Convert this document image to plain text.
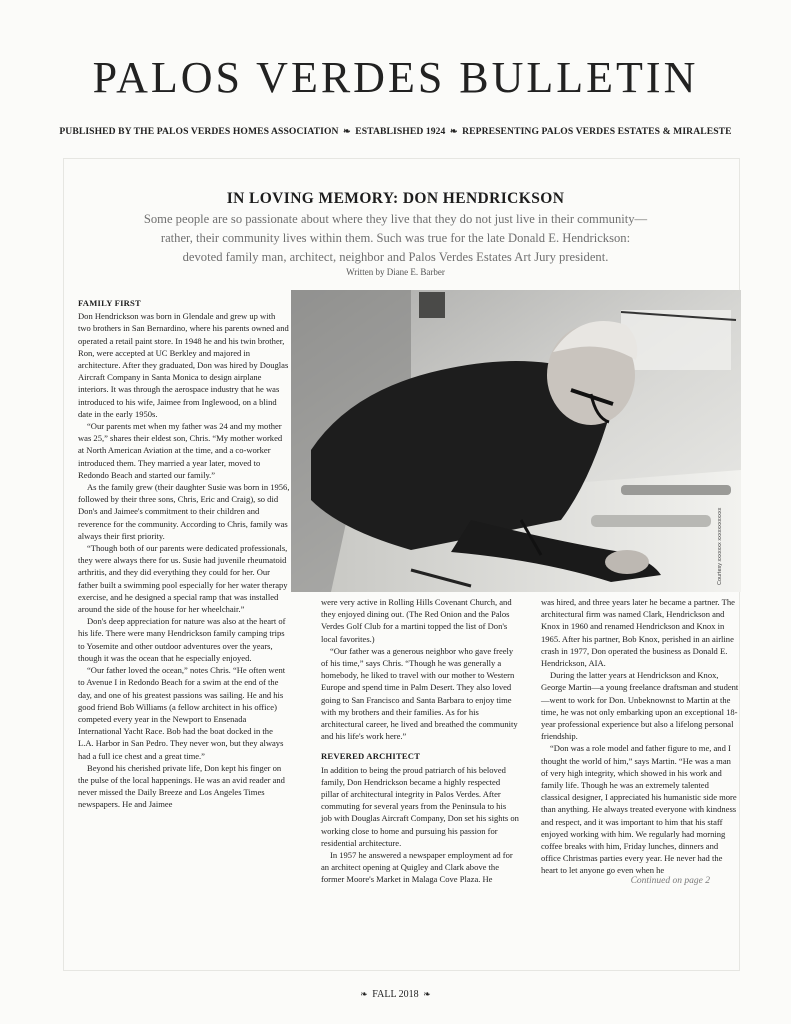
PALOS VERDES BULLETIN
PUBLISHED BY THE PALOS VERDES HOMES ASSOCIATION ❧ ESTABLISHED 1924 ❧ REPRESENTING PALOS VERDES ESTATES & MIRALESTE
IN LOVING MEMORY: DON HENDRICKSON
Some people are so passionate about where they live that they do not just live in their community—rather, their community lives within them. Such was true for the late Donald E. Hendrickson: devoted family man, architect, neighbor and Palos Verdes Estates Art Jury president.
Written by Diane E. Barber

FAMILY FIRST

Don Hendrickson was born in Glendale and grew up with two brothers in San Bernardino, where his parents owned and operated a retail paint store. In 1948 he and his twin brother, Ron, were accepted at UC Berkley and majored in architecture. After they graduated, Don was hired by Douglas Aircraft Company in Santa Monica to design airplane interiors. It was through the aerospace industry that he was introduced to his wife, Jaimee from Inglewood, on a blind date in the early 1950s.

“Our parents met when my father was 24 and my mother was 25,” shares their eldest son, Chris. “My mother worked at North American Aviation at the time, and a co-worker introduced them. They married a year later, moved to Redondo Beach and started our family.”

As the family grew (their daughter Susie was born in 1956, followed by their three sons, Chris, Eric and Craig), so did Don's and Jaimee's commitment to their children and reverence for the community. According to Chris, family was always their first priority.

“Though both of our parents were dedicated professionals, they were always there for us. Susie had juvenile rheumatoid arthritis, and they did everything they could for her. Our father built a swimming pool especially for her water therapy exercise, and he designed a special ramp that was installed around the side of the house for her wheelchair.”

Don's deep appreciation for nature was also at the heart of his life. There were many Hendrickson family camping trips to Yosemite and other outdoor adventures over the years, though it was the ocean that he especially enjoyed.

“Our father loved the ocean,” notes Chris. “He often went to Avenue I in Redondo Beach for a swim at the end of the day, and one of his greatest passions was sailing. He and his good friend Bob Williams (a fellow architect in his office) competed every year in the Newport to Ensenada International Yacht Race. Bob had the boat docked in the L.A. Harbor in San Pedro. They never won, but they always had a full ice chest and a great time.”

Beyond his cherished private life, Don kept his finger on the pulse of the local happenings. He was an avid reader and never missed the Daily Breeze and Los Angeles Times newspapers. He and Jaimee

Courtesy xxxxxxx xxxxxxxxxxxx

were very active in Rolling Hills Covenant Church, and they enjoyed dining out. (The Red Onion and the Palos Verdes Golf Club for a martini topped the list of Don's local favorites.)

“Our father was a generous neighbor who gave freely of his time,” says Chris. “Though he was generally a homebody, he liked to travel with our mother to Western Europe and spend time in Palm Desert. They also loved going to San Francisco and Santa Barbara to enjoy time with my brothers and their families. As for his architectural career, he lived and breathed the community and his life's work here.”

REVERED ARCHITECT

In addition to being the proud patriarch of his beloved family, Don Hendrickson became a highly respected pillar of architectural integrity in Palos Verdes. After commuting for several years from the Peninsula to his job with Douglas Aircraft Company, Don set his sights on working close to home and pursuing his passion for residential architecture.

In 1957 he answered a newspaper employment ad for an architect opening at Quigley and Clark above the former Moore's Market in Malaga Cove Plaza. He

was hired, and three years later he became a partner. The architectural firm was named Clark, Hendrickson and Knox in 1960 and renamed Hendrickson and Knox in 1965. After his partner, Bob Knox, perished in an airline crash in 1977, Don operated the business as Donald E. Hendrickson, AIA.

During the latter years at Hendrickson and Knox, George Martin—a young freelance draftsman and student—went to work for Don. Unbeknownst to Martin at the time, he was not only embarking upon an exceptional 18-year professional experience but also a lifelong personal friendship.

“Don was a role model and father figure to me, and I thought the world of him,” says Martin. “He was a man of very high integrity, which showed in his work and family life. Though he was an extremely talented classical designer, I appreciated his humanistic side more than anything. He always treated everyone with kindness and respect, and it was important to him that his staff enjoyed working with him. We regularly had morning coffee breaks with him, Friday lunches, dinners and office Christmas parties every year. He never had the heart to let anyone go even when he

Continued on page 2
❧ FALL 2018 ❧
